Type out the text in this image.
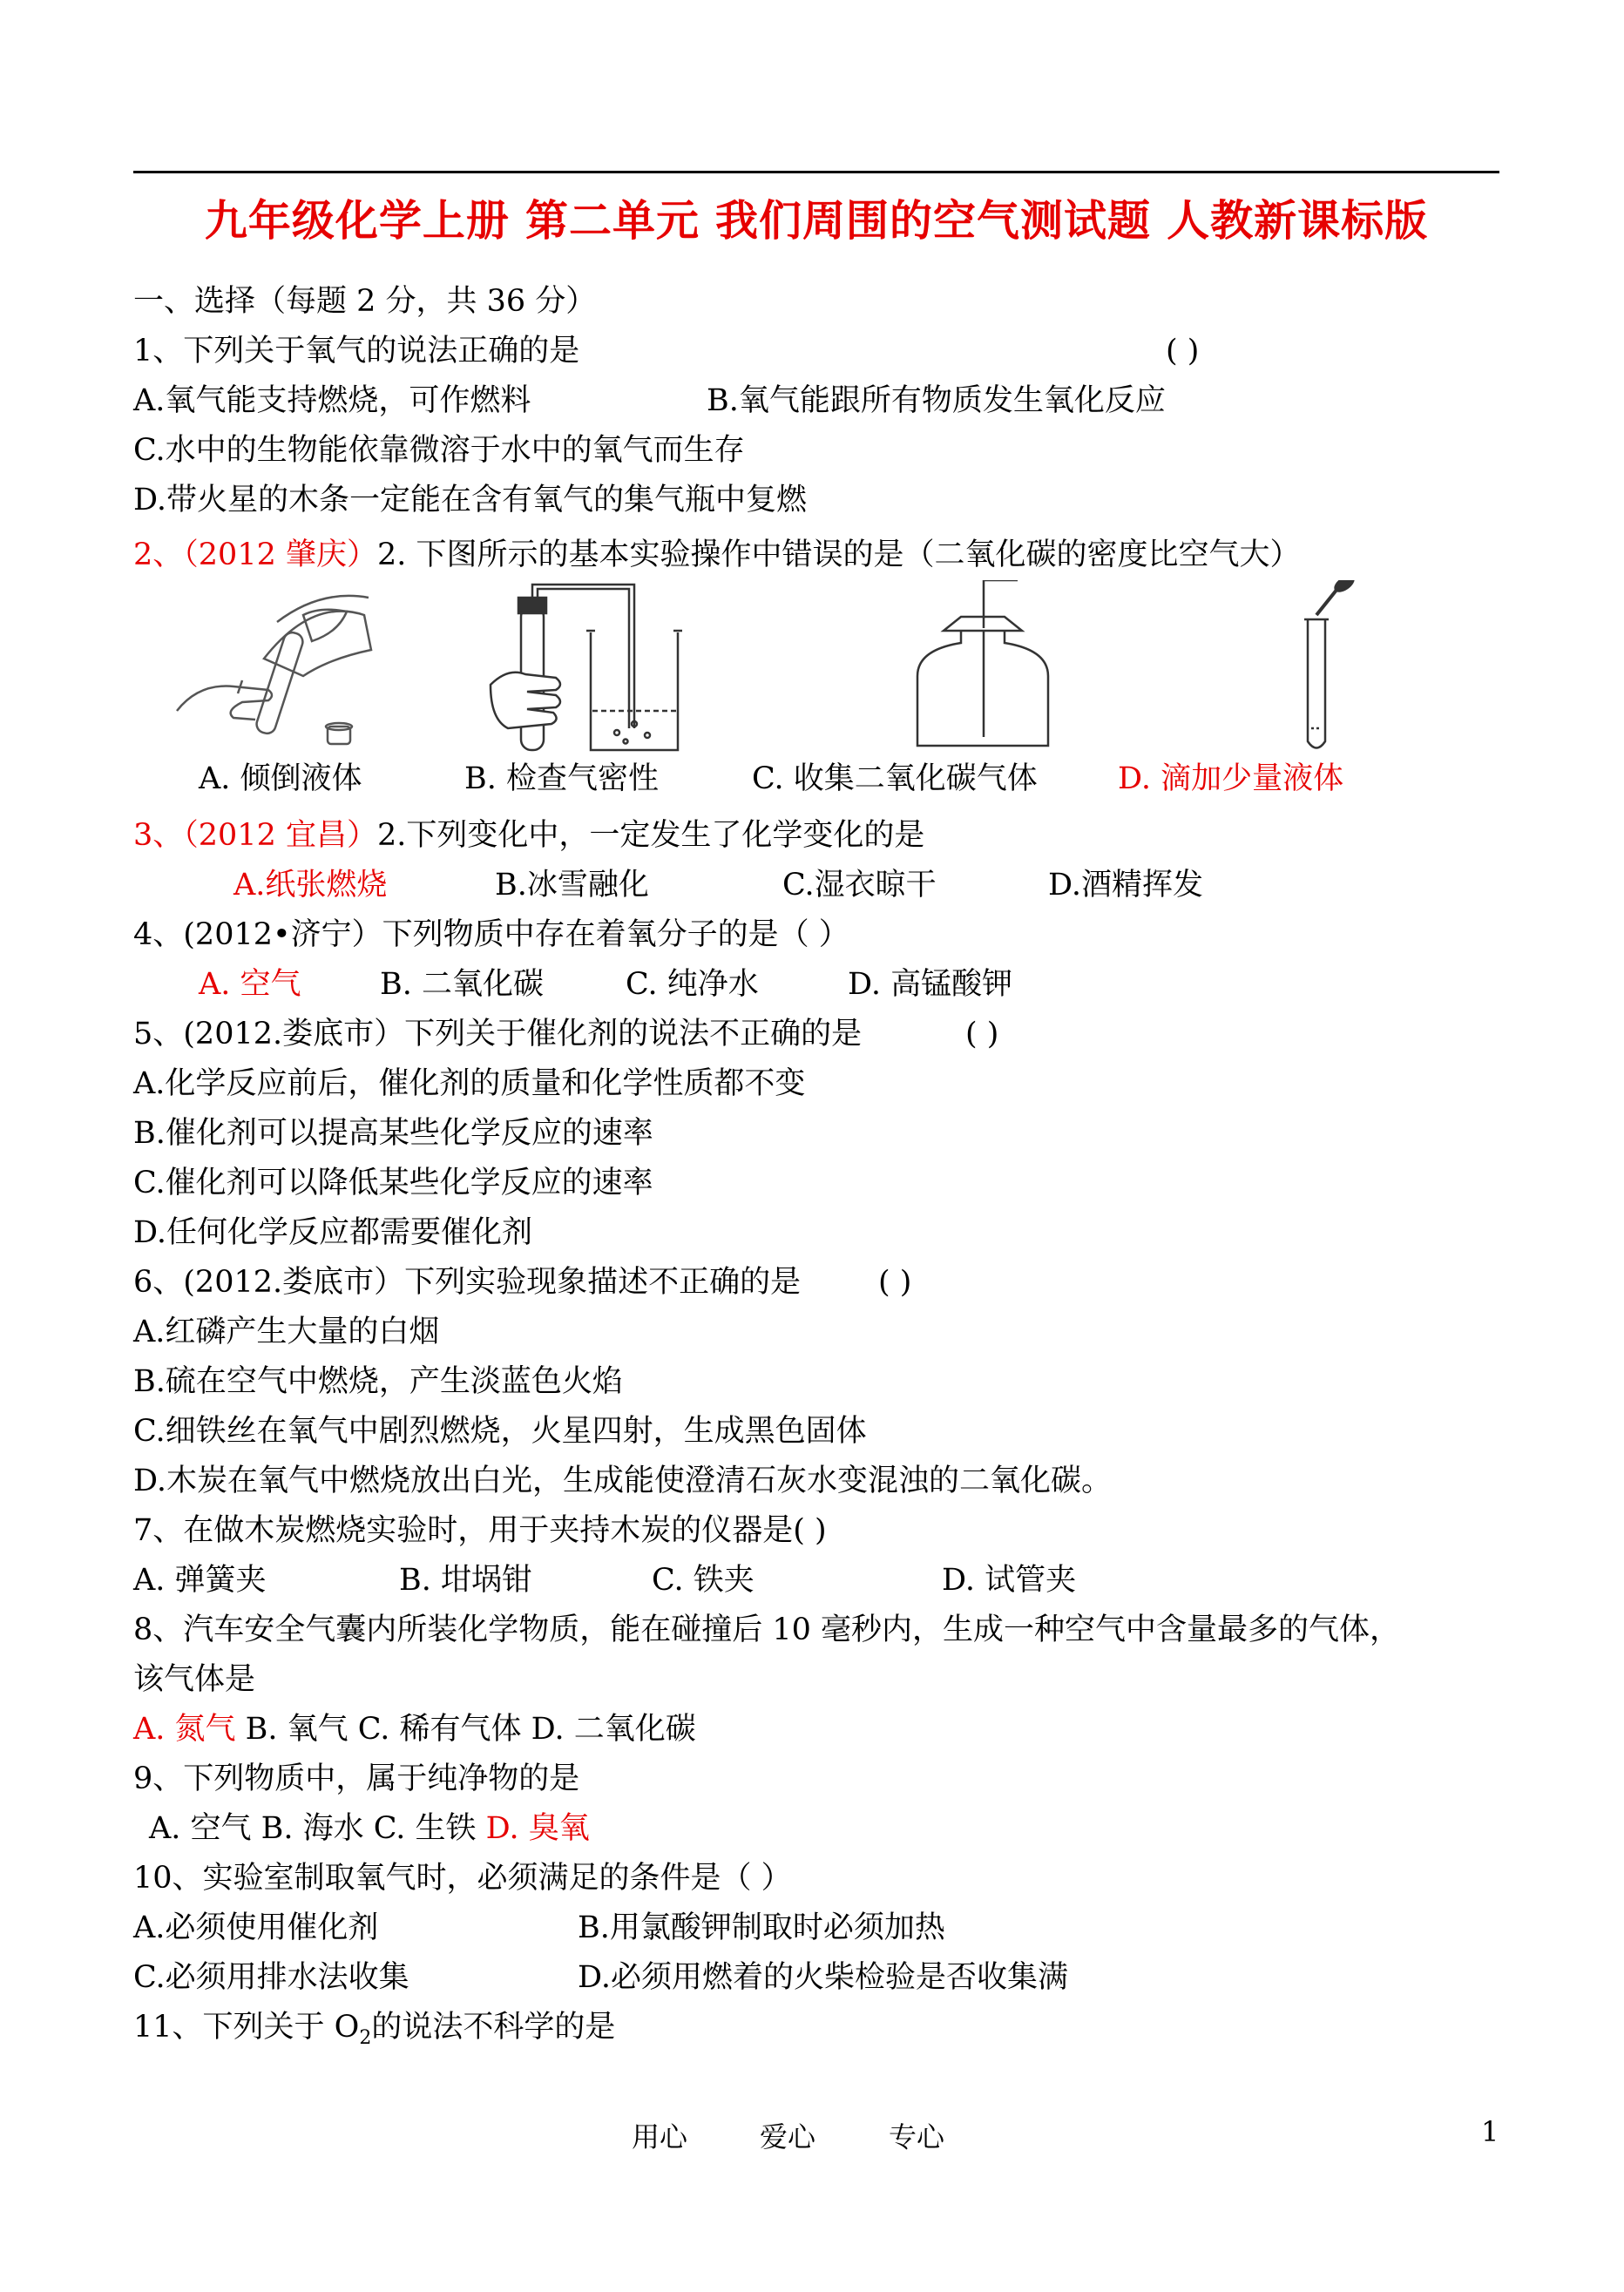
九年级化学上册 第二单元 我们周围的空气测试题 人教新课标版
一、选择（每题 2 分，共 36 分）
1、下列关于氧气的说法正确的是	( )
A.氧气能支持燃烧，可作燃料	B.氧气能跟所有物质发生氧化反应
C.水中的生物能依靠微溶于水中的氧气而生存
D.带火星的木条一定能在含有氧气的集气瓶中复燃
2、（2012 肇庆）2. 下图所示的基本实验操作中错误的是（二氧化碳的密度比空气大）
A. 倾倒液体	B. 检查气密性	C. 收集二氧化碳气体	D. 滴加少量液体
3、（2012 宜昌）2.下列变化中，一定发生了化学变化的是
A.纸张燃烧	B.冰雪融化	C.湿衣晾干	D.酒精挥发
4、(2012•济宁）下列物质中存在着氧分子的是（ ）
A. 空气	B. 二氧化碳	C. 纯净水	D. 高锰酸钾
5、(2012.娄底市）下列关于催化剂的说法不正确的是	( )
A.化学反应前后，催化剂的质量和化学性质都不变
B.催化剂可以提高某些化学反应的速率
C.催化剂可以降低某些化学反应的速率
D.任何化学反应都需要催化剂
6、(2012.娄底市）下列实验现象描述不正确的是	( )
A.红磷产生大量的白烟
B.硫在空气中燃烧，产生淡蓝色火焰
C.细铁丝在氧气中剧烈燃烧，火星四射，生成黑色固体
D.木炭在氧气中燃烧放出白光，生成能使澄清石灰水变混浊的二氧化碳。
7、在做木炭燃烧实验时，用于夹持木炭的仪器是( )
A. 弹簧夹	B. 坩埚钳	C. 铁夹	D. 试管夹
8、汽车安全气囊内所装化学物质，能在碰撞后 10 毫秒内，生成一种空气中含量最多的气体，
该气体是
A. 氮气 B. 氧气 C. 稀有气体 D. 二氧化碳
9、下列物质中，属于纯净物的是
A. 空气 B. 海水 C. 生铁 D. 臭氧
10、实验室制取氧气时，必须满足的条件是（ ）
A.必须使用催化剂	B.用氯酸钾制取时必须加热
C.必须用排水法收集	D.必须用燃着的火柴检验是否收集满
11、下列关于 $O_2$的说法不科学的是
用心	爱心	专心	1
